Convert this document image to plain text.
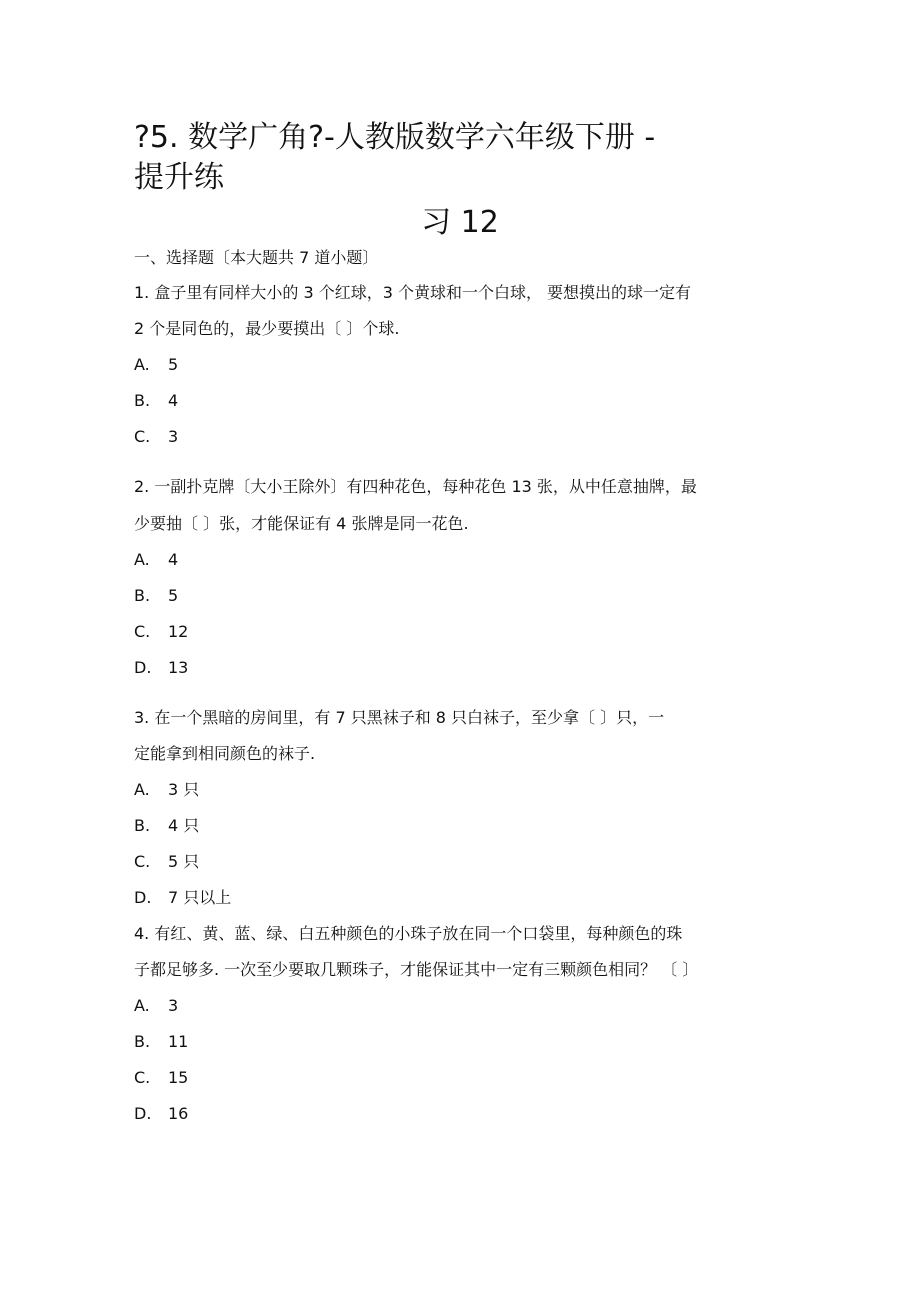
?5. 数学广角?-人教版数学六年级下册 -
提升练
习 12
一、选择题〔本大题共 7 道小题〕
1. 盒子里有同样大小的 3 个红球，3 个黄球和一个白球， 要想摸出的球一定有
2 个是同色的，最少要摸出〔 〕个球.
A. 5
B. 4
C. 3
2. 一副扑克牌〔大小王除外〕有四种花色，每种花色 13 张，从中任意抽牌，最
少要抽〔 〕张，才能保证有 4 张牌是同一花色.
A. 4
B. 5
C. 12
D. 13
3. 在一个黑暗的房间里，有 7 只黑袜子和 8 只白袜子，至少拿〔 〕只，一
定能拿到相同颜色的袜子.
A. 3 只
B. 4 只
C. 5 只
D. 7 只以上
4. 有红、黄、蓝、绿、白五种颜色的小珠子放在同一个口袋里，每种颜色的珠
子都足够多. 一次至少要取几颗珠子，才能保证其中一定有三颗颜色相同？ 〔 〕
A. 3
B. 11
C. 15
D. 16
